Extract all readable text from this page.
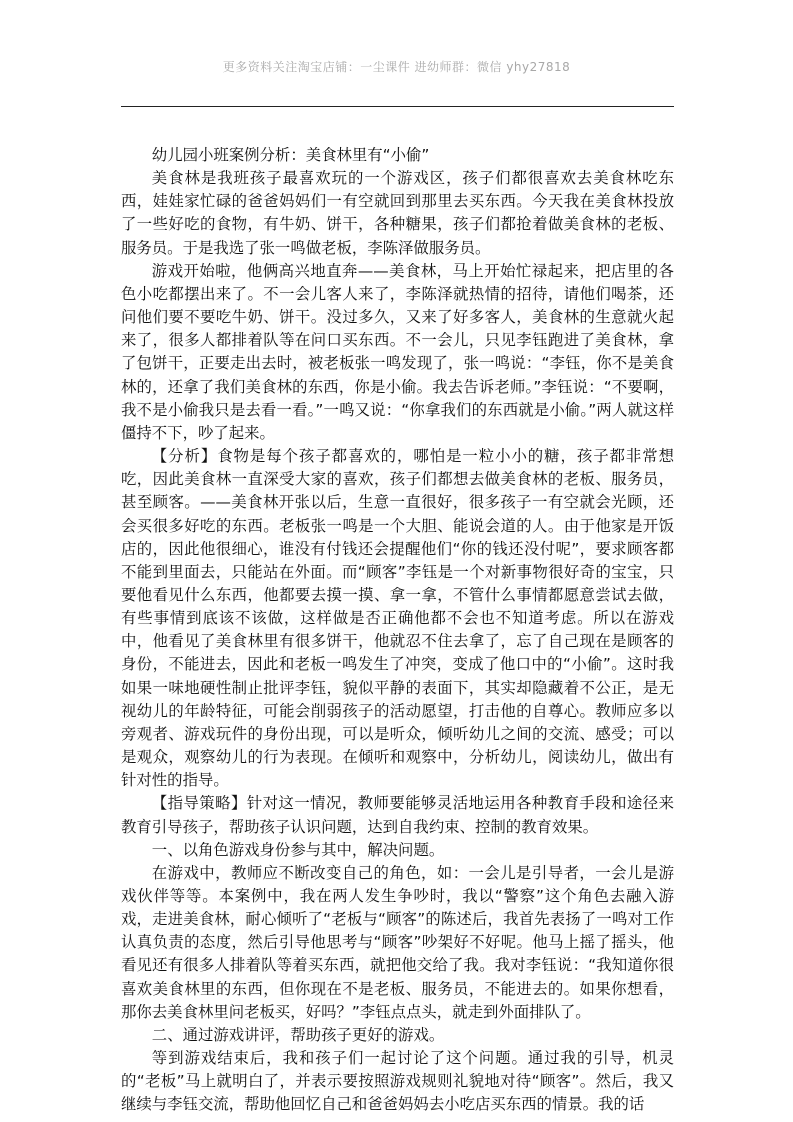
更多资料关注淘宝店铺：一尘课件 进幼师群：微信 yhy27818

幼儿园小班案例分析：美食林里有“小偷”

美食林是我班孩子最喜欢玩的一个游戏区，孩子们都很喜欢去美食林吃东西，娃娃家忙碌的爸爸妈妈们一有空就回到那里去买东西。今天我在美食林投放了一些好吃的食物，有牛奶、饼干，各种糖果，孩子们都抢着做美食林的老板、服务员。于是我选了张一鸣做老板，李陈泽做服务员。

游戏开始啦，他俩高兴地直奔——美食林，马上开始忙禄起来，把店里的各色小吃都摆出来了。不一会儿客人来了，李陈泽就热情的招待，请他们喝茶，还问他们要不要吃牛奶、饼干。没过多久，又来了好多客人，美食林的生意就火起来了，很多人都排着队等在问口买东西。不一会儿，只见李钰跑进了美食林，拿了包饼干，正要走出去时，被老板张一鸣发现了，张一鸣说：“李钰，你不是美食林的，还拿了我们美食林的东西，你是小偷。我去告诉老师。”李钰说：“不要啊，我不是小偷我只是去看一看。”一鸣又说：“你拿我们的东西就是小偷。”两人就这样僵持不下，吵了起来。

【分析】食物是每个孩子都喜欢的，哪怕是一粒小小的糖，孩子都非常想吃，因此美食林一直深受大家的喜欢，孩子们都想去做美食林的老板、服务员，甚至顾客。——美食林开张以后，生意一直很好，很多孩子一有空就会光顾，还会买很多好吃的东西。老板张一鸣是一个大胆、能说会道的人。由于他家是开饭店的，因此他很细心，谁没有付钱还会提醒他们“你的钱还没付呢”，要求顾客都不能到里面去，只能站在外面。而“顾客”李钰是一个对新事物很好奇的宝宝，只要他看见什么东西，他都要去摸一摸、拿一拿，不管什么事情都愿意尝试去做，有些事情到底该不该做，这样做是否正确他都不会也不知道考虑。所以在游戏中，他看见了美食林里有很多饼干，他就忍不住去拿了，忘了自己现在是顾客的身份，不能进去，因此和老板一鸣发生了冲突，变成了他口中的“小偷”。这时我如果一味地硬性制止批评李钰，貌似平静的表面下，其实却隐藏着不公正，是无视幼儿的年龄特征，可能会削弱孩子的活动愿望，打击他的自尊心。教师应多以旁观者、游戏玩件的身份出现，可以是听众，倾听幼儿之间的交流、感受；可以是观众，观察幼儿的行为表现。在倾听和观察中，分析幼儿，阅读幼儿，做出有针对性的指导。

【指导策略】针对这一情况，教师要能够灵活地运用各种教育手段和途径来教育引导孩子，帮助孩子认识问题，达到自我约束、控制的教育效果。

一、以角色游戏身份参与其中，解决问题。

在游戏中，教师应不断改变自己的角色，如：一会儿是引导者，一会儿是游戏伙伴等等。本案例中，我在两人发生争吵时，我以“警察”这个角色去融入游戏，走进美食林，耐心倾听了“老板与“顾客”的陈述后，我首先表扬了一鸣对工作认真负责的态度，然后引导他思考与“顾客”吵架好不好呢。他马上摇了摇头，他看见还有很多人排着队等着买东西，就把他交给了我。我对李钰说：“我知道你很喜欢美食林里的东西，但你现在不是老板、服务员，不能进去的。如果你想看，那你去美食林里问老板买，好吗？”李钰点点头，就走到外面排队了。

二、通过游戏讲评，帮助孩子更好的游戏。

等到游戏结束后，我和孩子们一起讨论了这个问题。通过我的引导，机灵的“老板”马上就明白了，并表示要按照游戏规则礼貌地对待“顾客”。然后，我又继续与李钰交流，帮助他回忆自己和爸爸妈妈去小吃店买东西的情景。我的话
